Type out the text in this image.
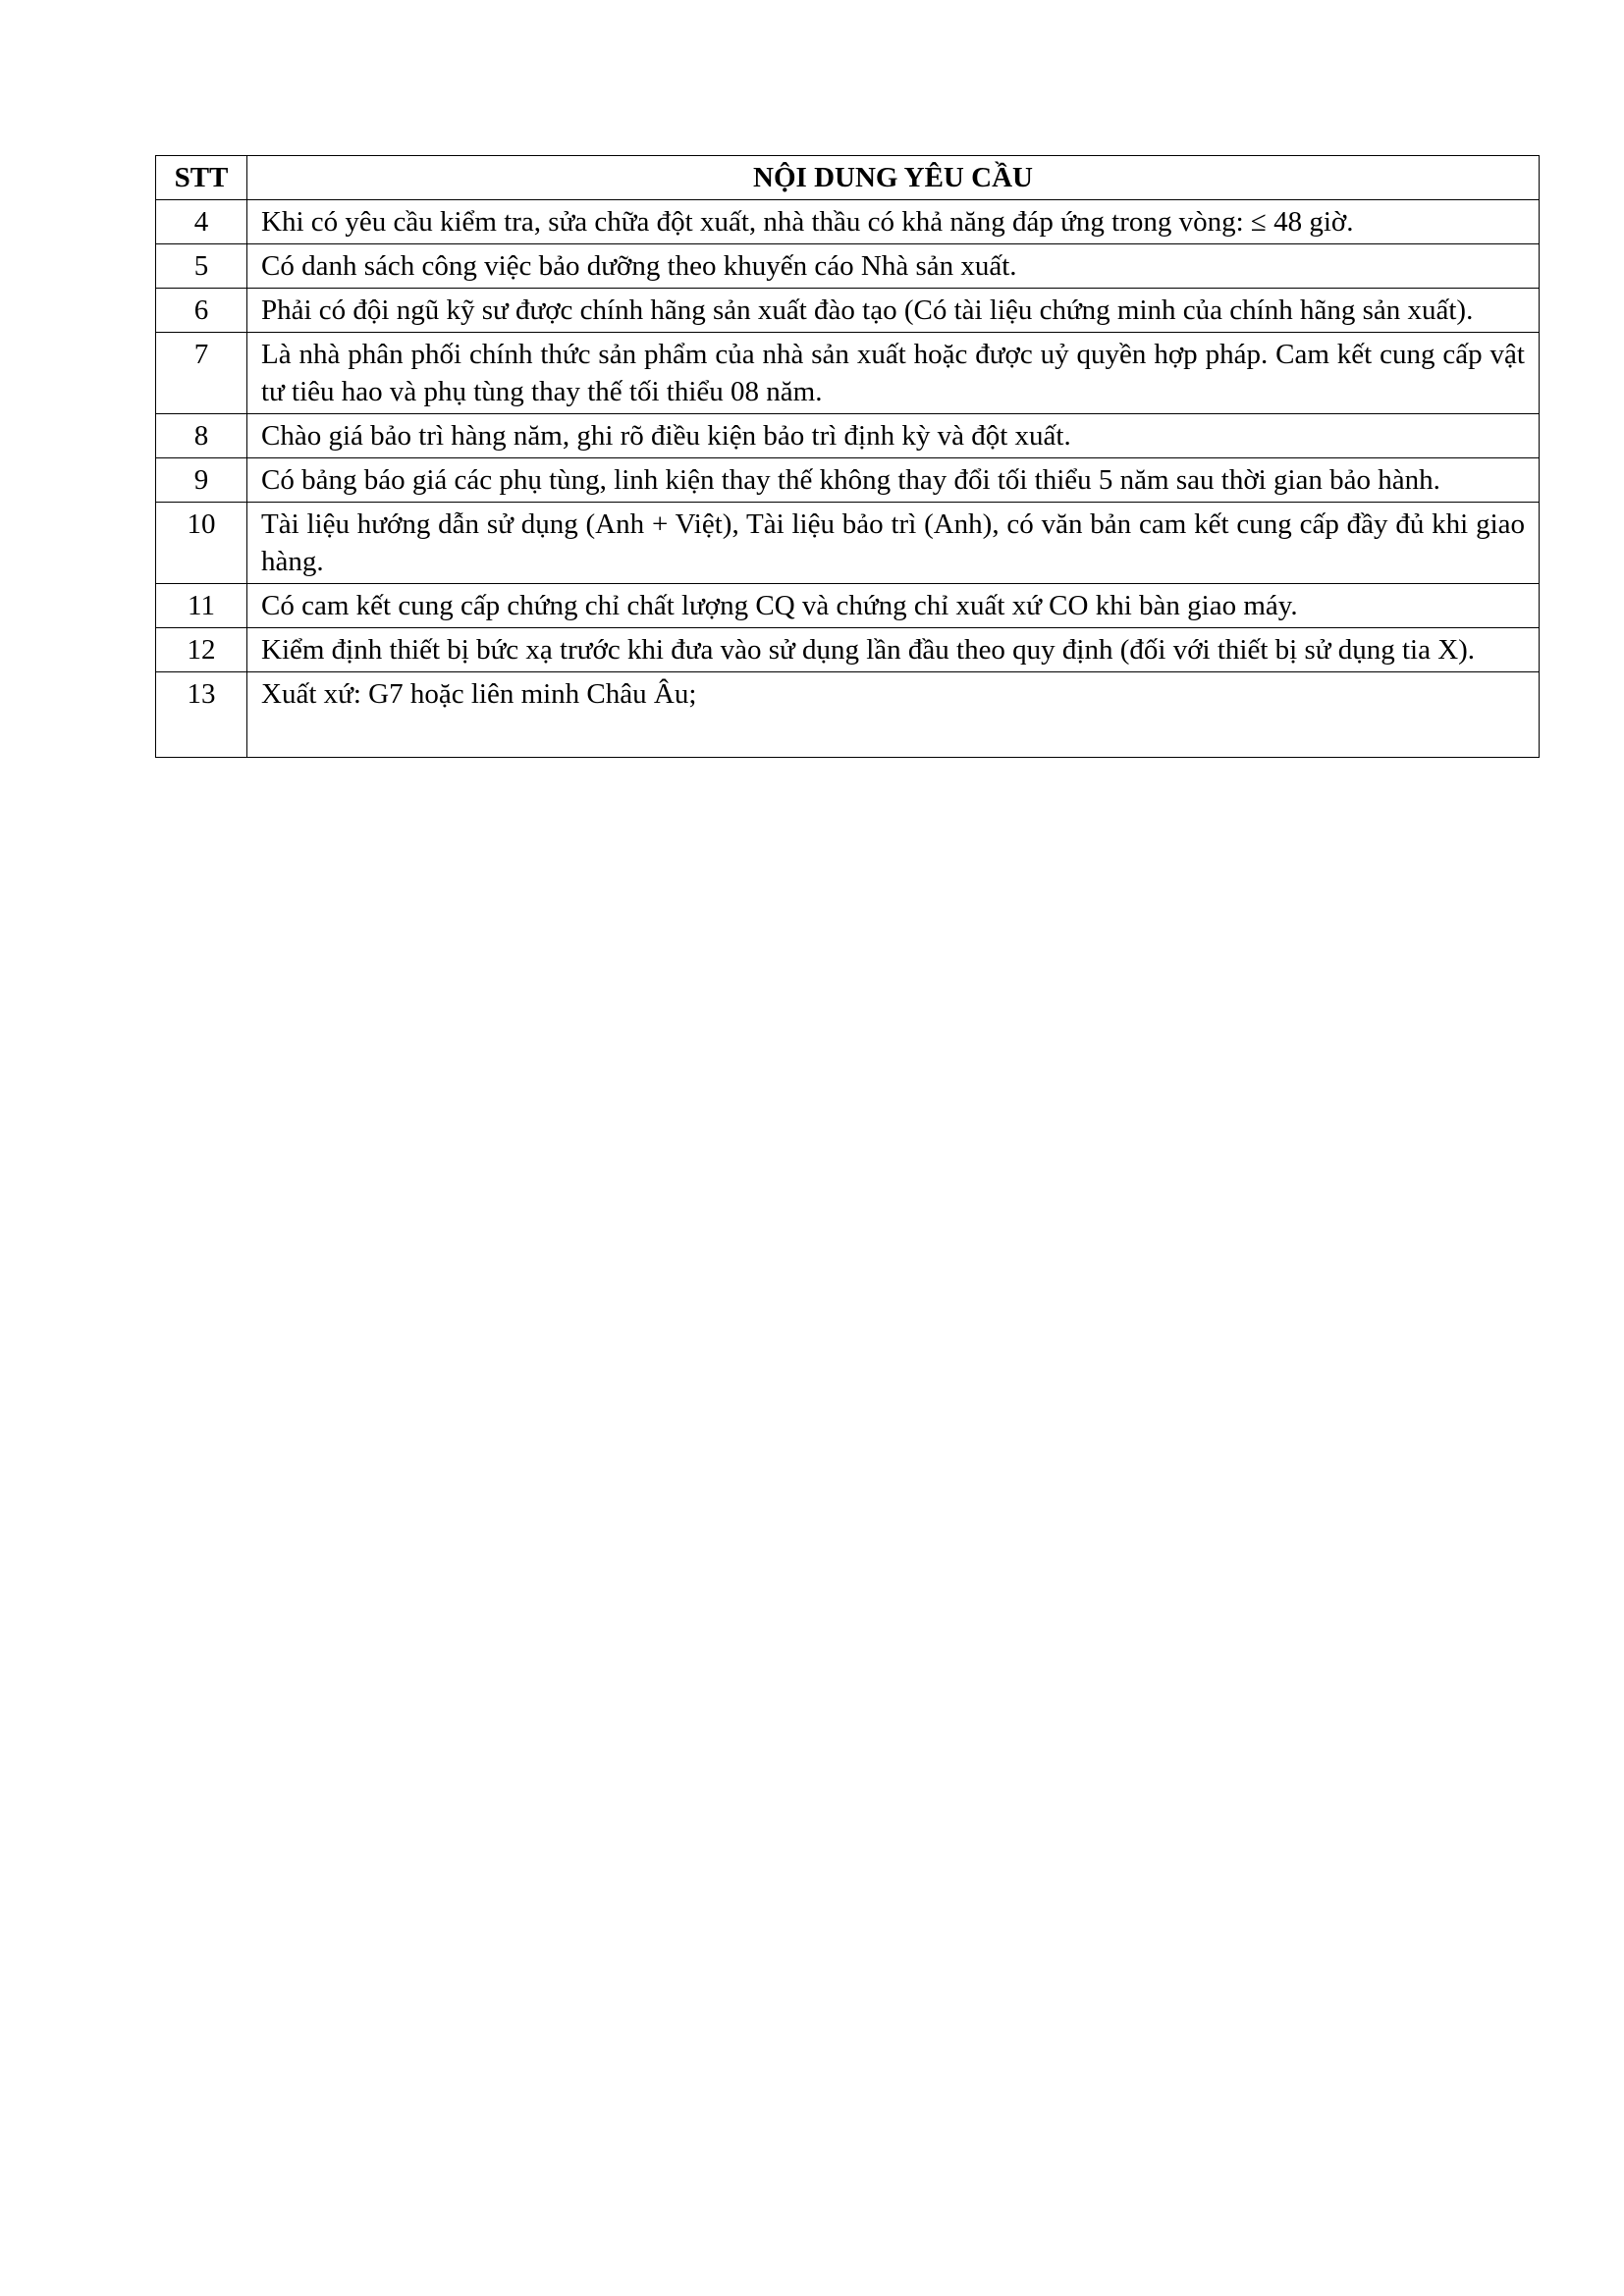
STT	NỘI DUNG YÊU CẦU
4	Khi có yêu cầu kiểm tra, sửa chữa đột xuất, nhà thầu có khả năng đáp ứng trong vòng: ≤ 48 giờ.
5	Có danh sách công việc bảo dưỡng theo khuyến cáo Nhà sản xuất.
6	Phải có đội ngũ kỹ sư được chính hãng sản xuất đào tạo (Có tài liệu chứng minh của chính hãng sản xuất).
7	Là nhà phân phối chính thức sản phẩm của nhà sản xuất hoặc được uỷ quyền hợp pháp. Cam kết cung cấp vật tư tiêu hao và phụ tùng thay thế tối thiểu 08 năm.
8	Chào giá bảo trì hàng năm, ghi rõ điều kiện bảo trì định kỳ và đột xuất.
9	Có bảng báo giá các phụ tùng, linh kiện thay thế không thay đổi tối thiểu 5 năm sau thời gian bảo hành.
10	Tài liệu hướng dẫn sử dụng (Anh + Việt), Tài liệu bảo trì (Anh), có văn bản cam kết cung cấp đầy đủ khi giao hàng.
11	Có cam kết cung cấp chứng chỉ chất lượng CQ và chứng chỉ xuất xứ CO khi bàn giao máy.
12	Kiểm định thiết bị bức xạ trước khi đưa vào sử dụng lần đầu theo quy định (đối với thiết bị sử dụng tia X).
13	Xuất xứ: G7 hoặc liên minh Châu Âu;
